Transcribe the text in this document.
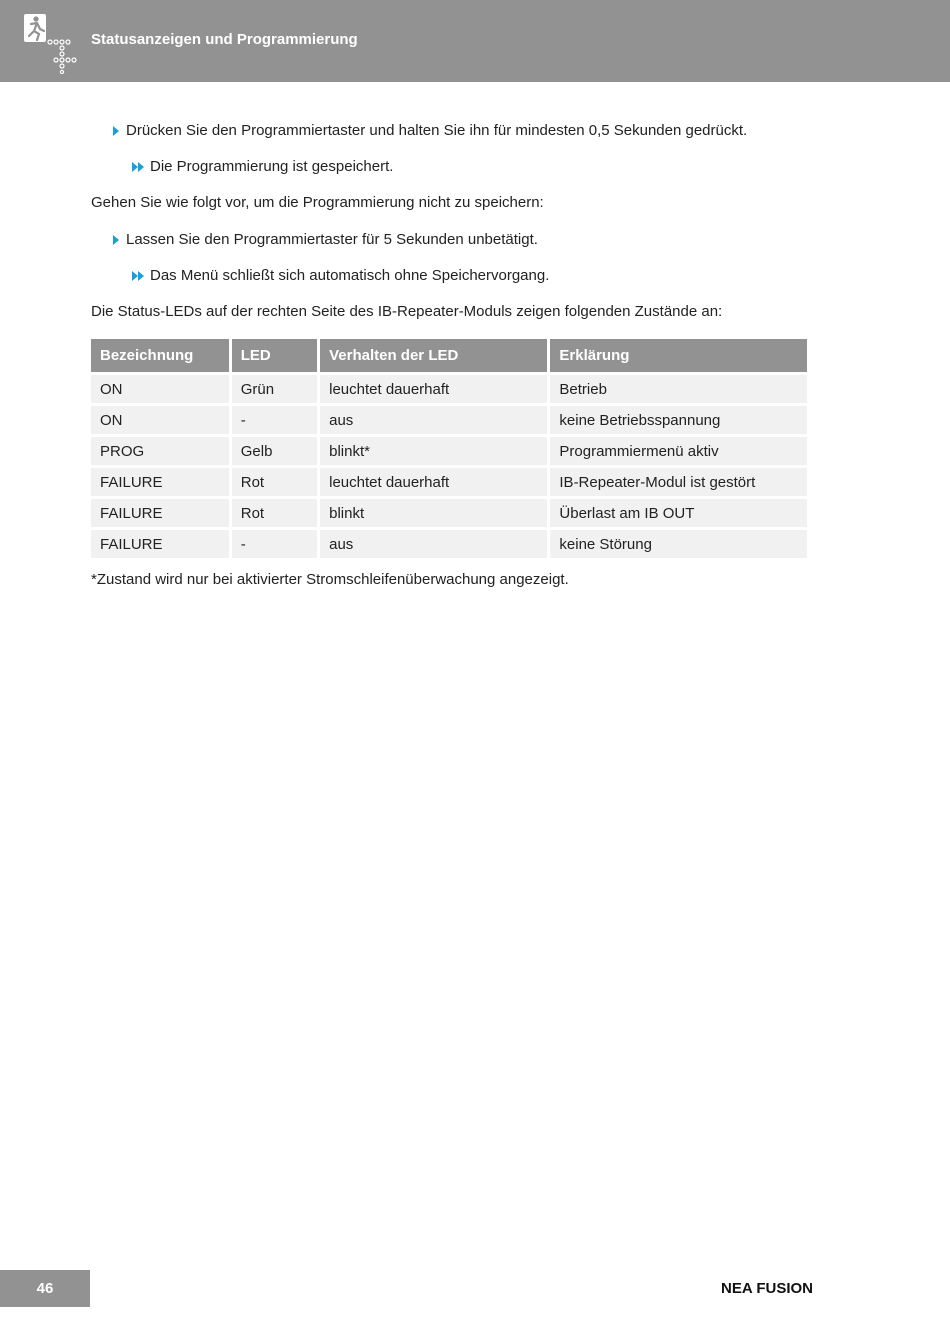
Statusanzeigen und Programmierung
Drücken Sie den Programmiertaster und halten Sie ihn für mindesten 0,5 Sekunden gedrückt.
Die Programmierung ist gespeichert.
Gehen Sie wie folgt vor, um die Programmierung nicht zu speichern:
Lassen Sie den Programmiertaster für 5 Sekunden unbetätigt.
Das Menü schließt sich automatisch ohne Speichervorgang.
Die Status-LEDs auf der rechten Seite des IB-Repeater-Moduls zeigen folgenden Zustände an:
Bezeichnung	LED	Verhalten der LED	Erklärung
ON	Grün	leuchtet dauerhaft	Betrieb
ON	-	aus	keine Betriebsspannung
PROG	Gelb	blinkt*	Programmiermenü aktiv
FAILURE	Rot	leuchtet dauerhaft	IB-Repeater-Modul ist gestört
FAILURE	Rot	blinkt	Überlast am IB OUT
FAILURE	-	aus	keine Störung
*Zustand wird nur bei aktivierter Stromschleifenüberwachung angezeigt.
46	NEA FUSION
